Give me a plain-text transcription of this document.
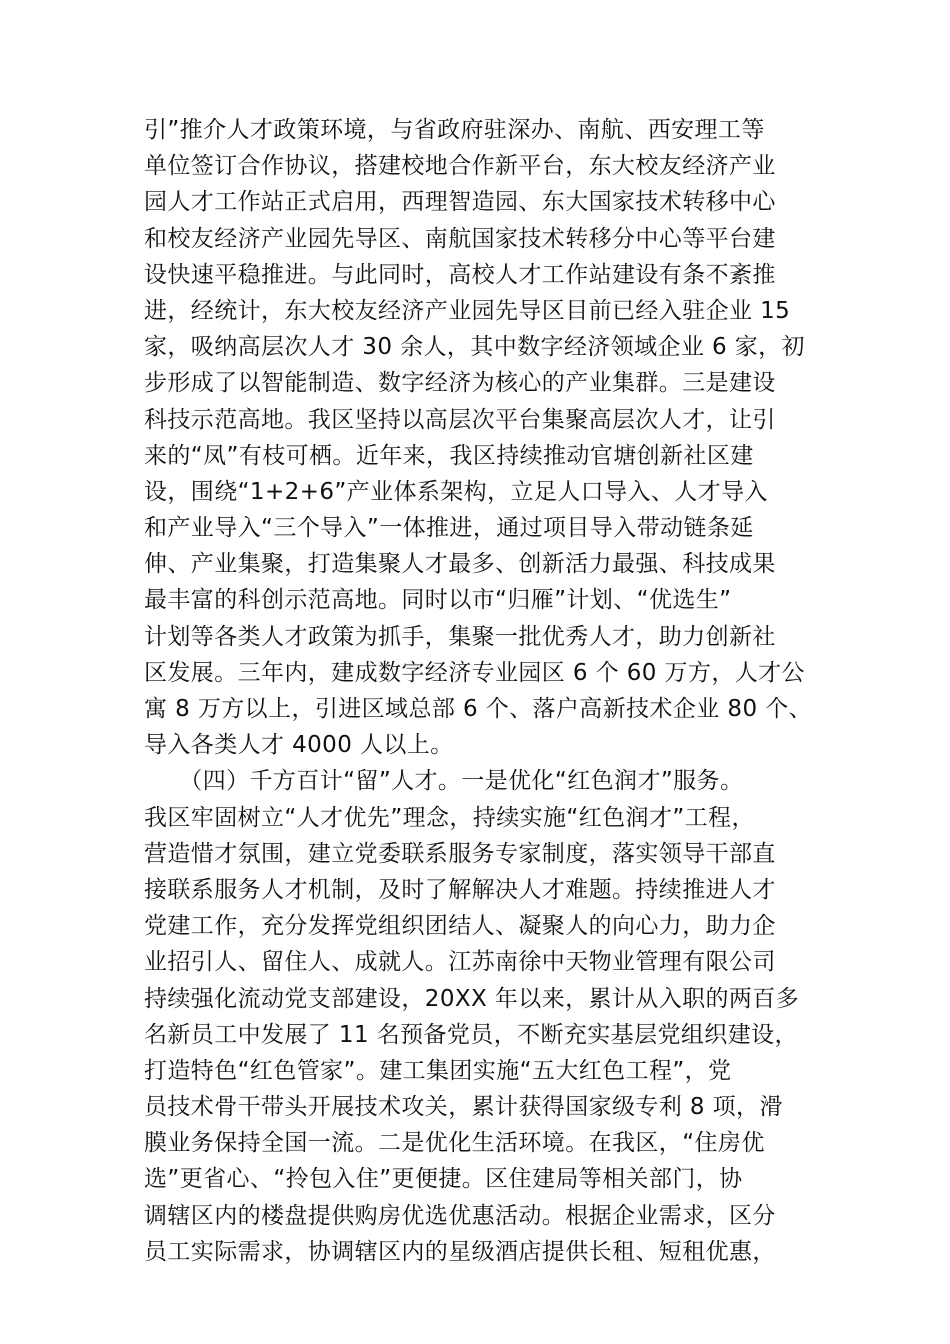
引”推介人才政策环境，与省政府驻深办、南航、西安理工等
单位签订合作协议，搭建校地合作新平台，东大校友经济产业
园人才工作站正式启用，西理智造园、东大国家技术转移中心
和校友经济产业园先导区、南航国家技术转移分中心等平台建
设快速平稳推进。与此同时，高校人才工作站建设有条不紊推
进，经统计，东大校友经济产业园先导区目前已经入驻企业 15
家，吸纳高层次人才 30 余人，其中数字经济领域企业 6 家，初
步形成了以智能制造、数字经济为核心的产业集群。三是建设
科技示范高地。我区坚持以高层次平台集聚高层次人才，让引
来的“凤”有枝可栖。近年来，我区持续推动官塘创新社区建
设，围绕“1+2+6”产业体系架构，立足人口导入、人才导入
和产业导入“三个导入”一体推进，通过项目导入带动链条延
伸、产业集聚，打造集聚人才最多、创新活力最强、科技成果
最丰富的科创示范高地。同时以市“归雁”计划、“优选生”
计划等各类人才政策为抓手，集聚一批优秀人才，助力创新社
区发展。三年内，建成数字经济专业园区 6 个 60 万方，人才公
寓 8 万方以上，引进区域总部 6 个、落户高新技术企业 80 个、
导入各类人才 4000 人以上。
　　（四）千方百计“留”人才。一是优化“红色润才”服务。
我区牢固树立“人才优先”理念，持续实施“红色润才”工程，
营造惜才氛围，建立党委联系服务专家制度，落实领导干部直
接联系服务人才机制，及时了解解决人才难题。持续推进人才
党建工作，充分发挥党组织团结人、凝聚人的向心力，助力企
业招引人、留住人、成就人。江苏南徐中天物业管理有限公司
持续强化流动党支部建设，20XX 年以来，累计从入职的两百多
名新员工中发展了 11 名预备党员，不断充实基层党组织建设，
打造特色“红色管家”。建工集团实施“五大红色工程”，党
员技术骨干带头开展技术攻关，累计获得国家级专利 8 项，滑
膜业务保持全国一流。二是优化生活环境。在我区，“住房优
选”更省心、“拎包入住”更便捷。区住建局等相关部门，协
调辖区内的楼盘提供购房优选优惠活动。根据企业需求，区分
员工实际需求，协调辖区内的星级酒店提供长租、短租优惠，
